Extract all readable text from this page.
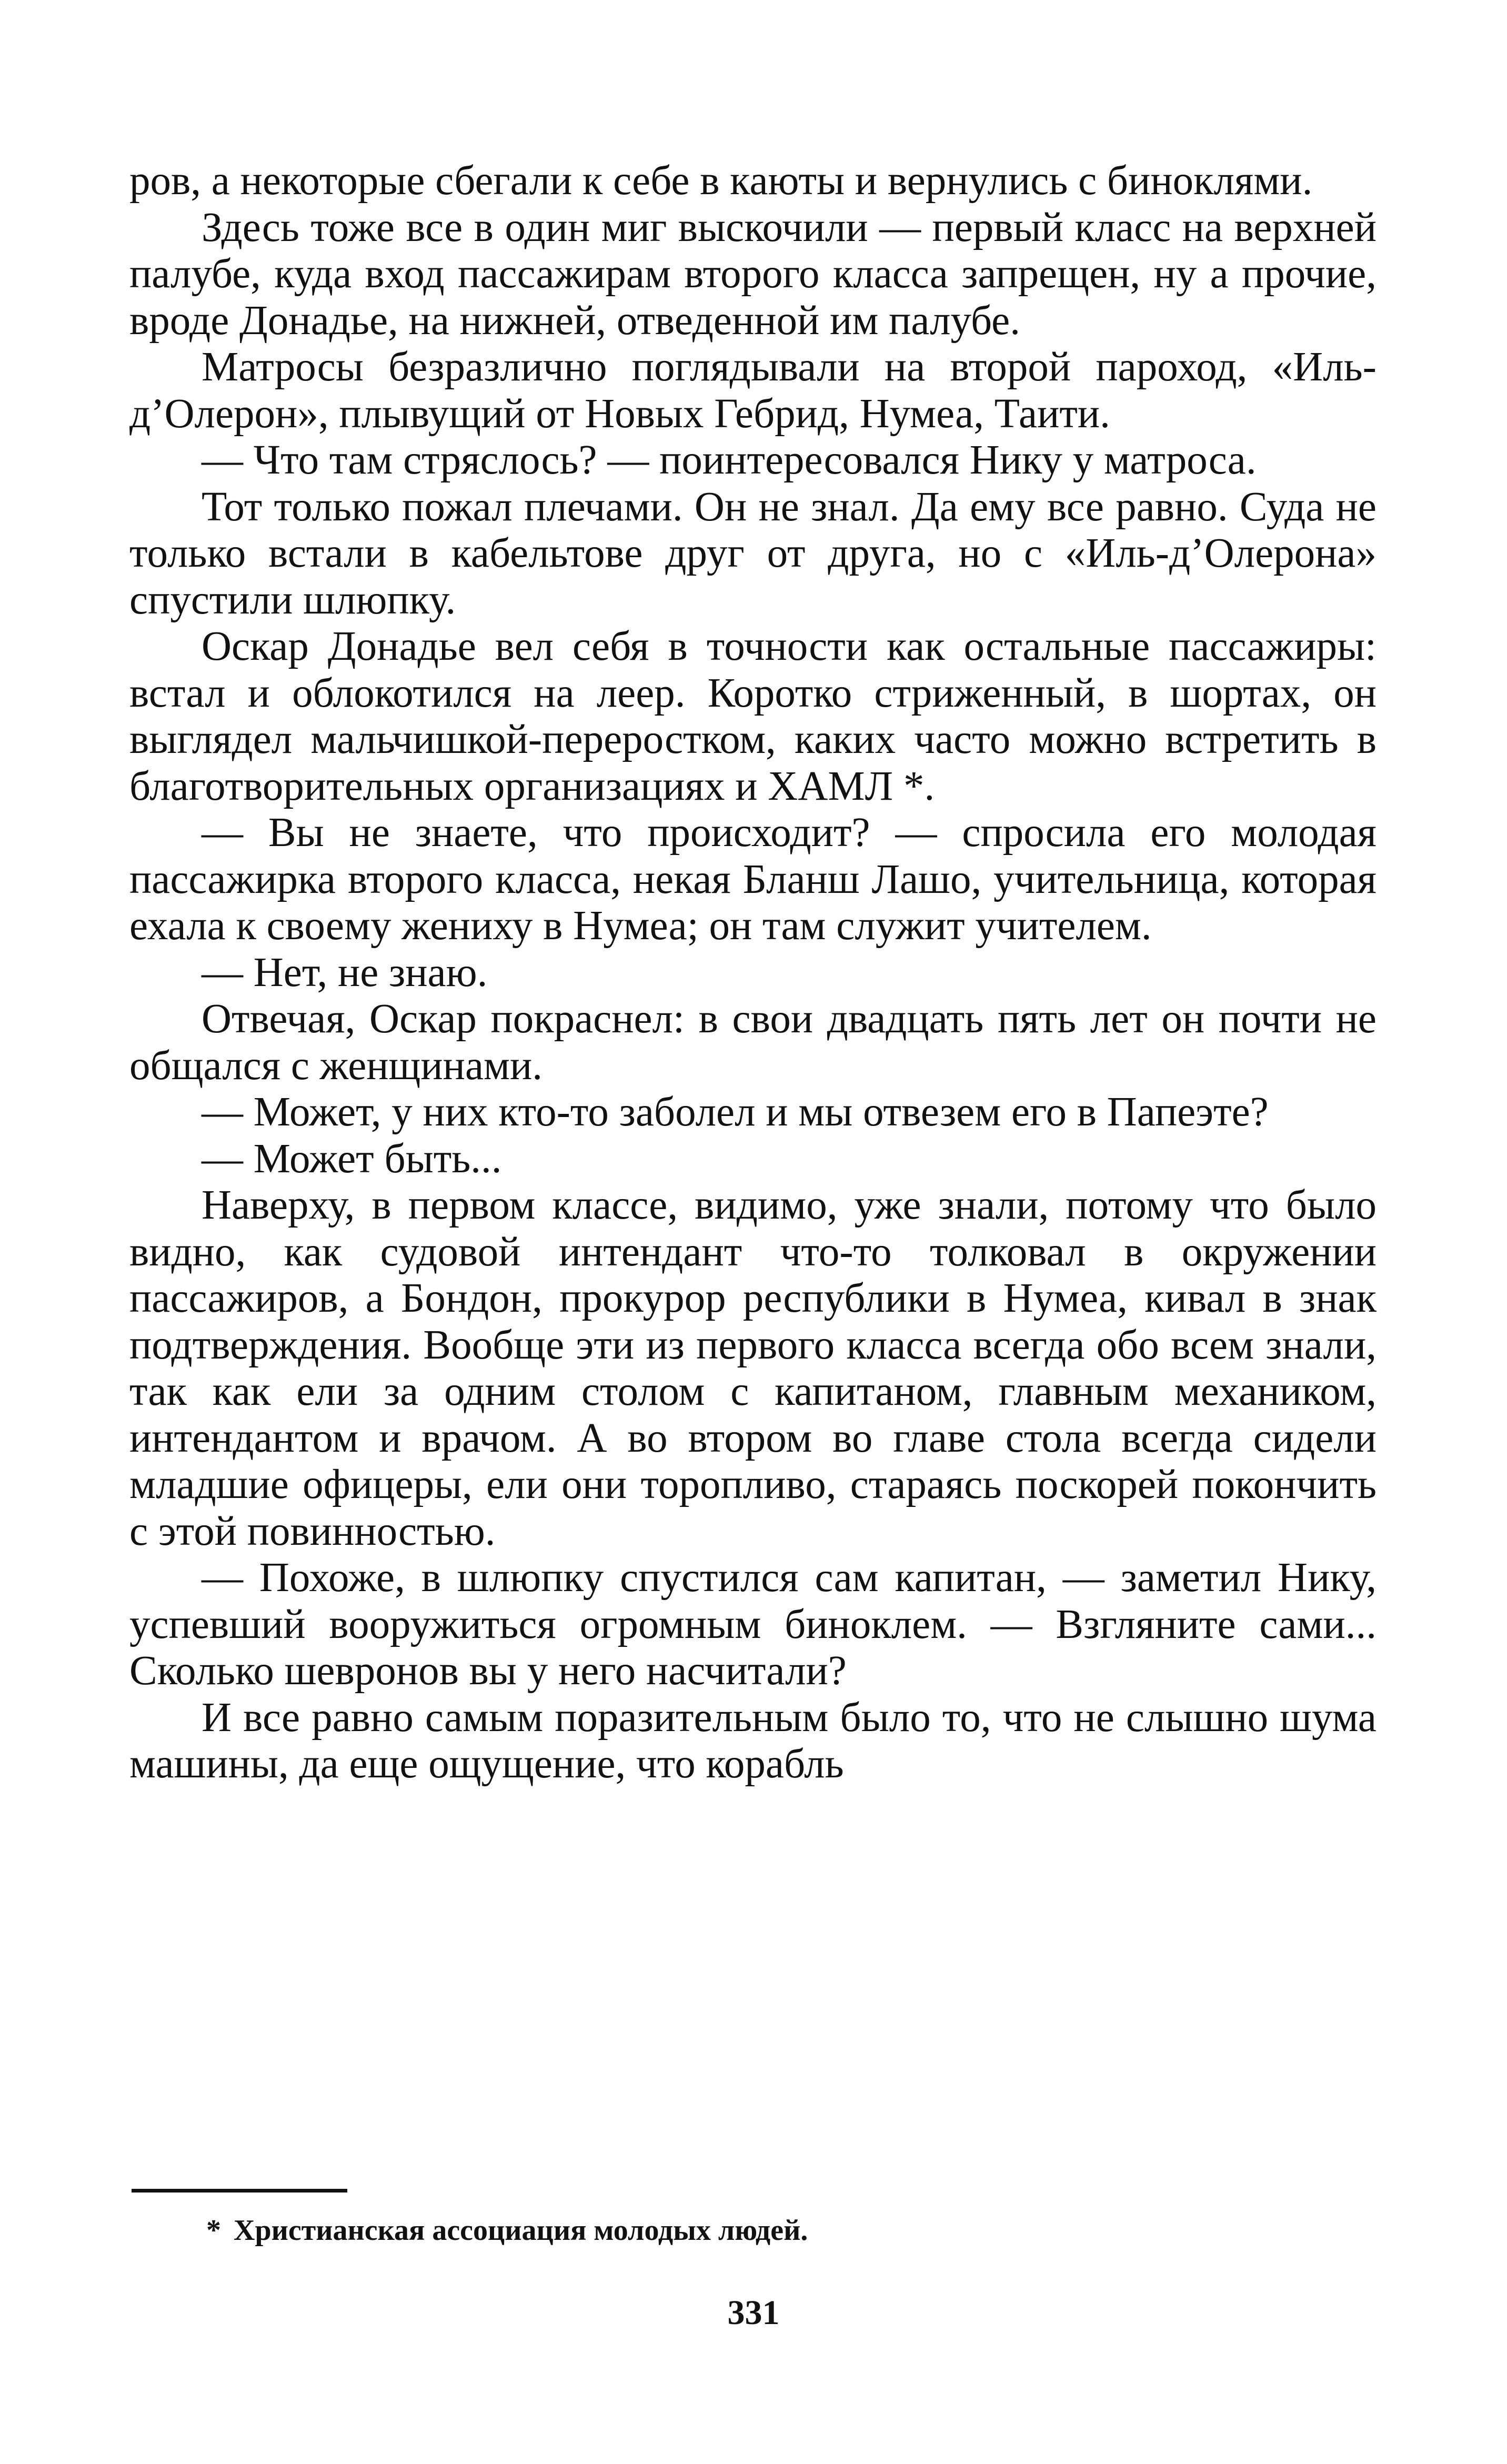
ров, а некоторые сбегали к себе в каюты и вернулись с биноклями.

Здесь тоже все в один миг выскочили — первый класс на верхней палубе, куда вход пассажирам второго класса запрещен, ну а прочие, вроде Донадье, на нижней, отведенной им палубе.

Матросы безразлично поглядывали на второй пароход, «Иль-д’Олерон», плывущий от Новых Гебрид, Нумеа, Таити.

— Что там стряслось? — поинтересовался Нику у матроса.

Тот только пожал плечами. Он не знал. Да ему все равно. Суда не только встали в кабельтове друг от друга, но с «Иль-д’Олерона» спустили шлюпку.

Оскар Донадье вел себя в точности как остальные пассажиры: встал и облокотился на леер. Коротко стриженный, в шортах, он выглядел мальчишкой-переростком, каких часто можно встретить в благотворительных организациях и ХАМЛ *.

— Вы не знаете, что происходит? — спросила его молодая пассажирка второго класса, некая Бланш Лашо, учительница, которая ехала к своему жениху в Нумеа; он там служит учителем.

— Нет, не знаю.

Отвечая, Оскар покраснел: в свои двадцать пять лет он почти не общался с женщинами.

— Может, у них кто-то заболел и мы отвезем его в Папеэте?

— Может быть...

Наверху, в первом классе, видимо, уже знали, потому что было видно, как судовой интендант что-то толковал в окружении пассажиров, а Бондон, прокурор республики в Нумеа, кивал в знак подтверждения. Вообще эти из первого класса всегда обо всем знали, так как ели за одним столом с капитаном, главным механиком, интендантом и врачом. А во втором во главе стола всегда сидели младшие офицеры, ели они торопливо, стараясь поскорей покончить с этой повинностью.

— Похоже, в шлюпку спустился сам капитан, — заметил Нику, успевший вооружиться огромным биноклем. — Взгляните сами... Сколько шевронов вы у него насчитали?

И все равно самым поразительным было то, что не слышно шума машины, да еще ощущение, что корабль

* Христианская ассоциация молодых людей.
331
